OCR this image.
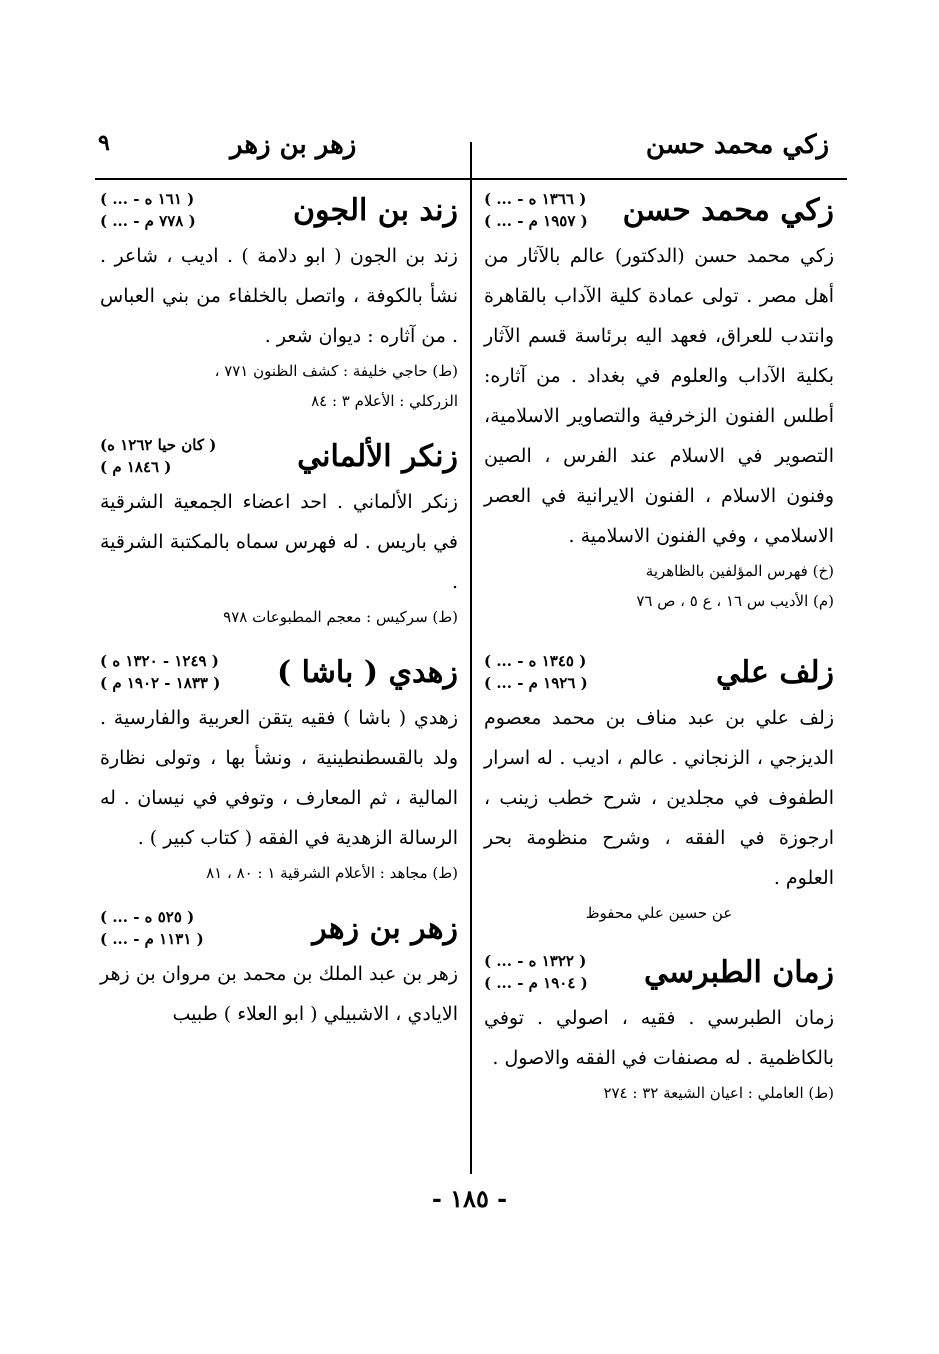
٩	زكي محمد حسن
زهر بن زهر
زكي محمد حسن
( ... - ١٣٦٦ ه )
( ... - ١٩٥٧ م )
زكي محمد حسن (الدكتور) عالم بالآثار من أهل مصر . تولى عمادة كلية الآداب بالقاهرة وانتدب للعراق، فعهد اليه برئاسة قسم الآثار بكلية الآداب والعلوم في بغداد . من آثاره: أطلس الفنون الزخرفية والتصاوير الاسلامية، التصوير في الاسلام عند الفرس ، الصين وفنون الاسلام ، الفنون الايرانية في العصر الاسلامي ، وفي الفنون الاسلامية .
(خ) فهرس المؤلفين بالظاهرية
(م) الأديب س ١٦ ، ع ٥ ، ص ٧٦
زلف علي
( ... - ١٣٤٥ ه )
( ... - ١٩٢٦ م )
زلف علي بن عبد مناف بن محمد معصوم الديزجي ، الزنجاني . عالم ، اديب . له اسرار الطفوف في مجلدين ، شرح خطب زينب ، ارجوزة في الفقه ، وشرح منظومة بحر العلوم .
عن حسين علي محفوظ
زمان الطبرسي
( ... - ١٣٢٢ ه )
( ... - ١٩٠٤ م )
زمان الطبرسي . فقيه ، اصولي . توفي بالكاظمية . له مصنفات في الفقه والاصول .
(ط) العاملي : اعيان الشيعة ٣٢ : ٢٧٤
زند بن الجون
( ... - ١٦١ ه )
( ... - ٧٧٨ م )
زند بن الجون ( ابو دلامة ) . اديب ، شاعر . نشأ بالكوفة ، واتصل بالخلفاء من بني العباس . من آثاره : ديوان شعر .
(ط) حاجي خليفة : كشف الظنون ٧٧١ ،
الزركلي : الأعلام ٣ : ٨٤
زنكر الألماني
(كان حيا ١٢٦٢ ه )
( ١٨٤٦ م )
زنكر الألماني . احد اعضاء الجمعية الشرقية في باريس . له فهرس سماه بالمكتبة الشرقية .
(ط) سركيس : معجم المطبوعات ٩٧٨
زهدي ( باشا )
( ١٢٤٩ - ١٣٢٠ ه )
( ١٨٣٣ - ١٩٠٢ م )
زهدي ( باشا ) فقيه يتقن العربية والفارسية . ولد بالقسطنطينية ، ونشأ بها ، وتولى نظارة المالية ، ثم المعارف ، وتوفي في نيسان . له الرسالة الزهدية في الفقه ( كتاب كبير ) .
(ط) مجاهد : الأعلام الشرقية ١ : ٨٠ ، ٨١
زهر بن زهر
( ... - ٥٢٥ ه )
( ... - ١١٣١ م )
زهر بن عبد الملك بن محمد بن مروان بن زهر الايادي ، الاشبيلي ( ابو العلاء ) طبيب
- ١٨٥ -
